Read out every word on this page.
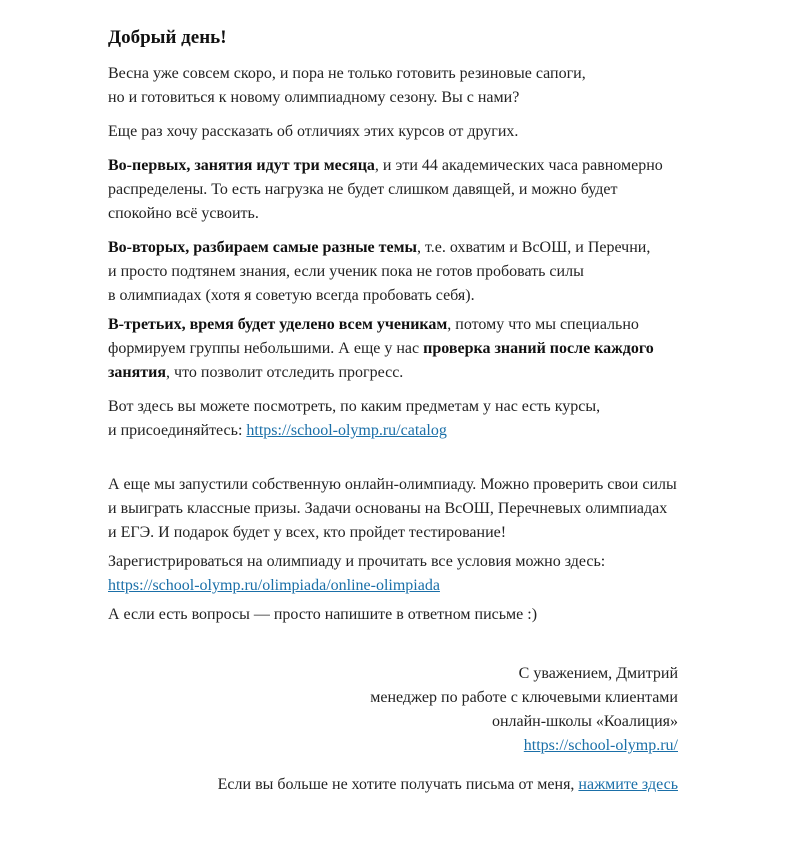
Добрый день!

Весна уже совсем скоро, и пора не только готовить резиновые сапоги,
но и готовиться к новому олимпиадному сезону. Вы с нами?

Еще раз хочу рассказать об отличиях этих курсов от других.

Во-первых, занятия идут три месяца, и эти 44 академических часа равномерно
распределены. То есть нагрузка не будет слишком давящей, и можно будет
спокойно всё усвоить.

Во-вторых, разбираем самые разные темы, т.е. охватим и ВсОШ, и Перечни,
и просто подтянем знания, если ученик пока не готов пробовать силы
в олимпиадах (хотя я советую всегда пробовать себя).

В-третьих, время будет уделено всем ученикам, потому что мы специально
формируем группы небольшими. А еще у нас проверка знаний после каждого
занятия, что позволит отследить прогресс.

Вот здесь вы можете посмотреть, по каким предметам у нас есть курсы,
и присоединяйтесь: https://school-olymp.ru/catalog

А еще мы запустили собственную онлайн-олимпиаду. Можно проверить свои силы
и выиграть классные призы. Задачи основаны на ВсОШ, Перечневых олимпиадах
и ЕГЭ. И подарок будет у всех, кто пройдет тестирование!

Зарегистрироваться на олимпиаду и прочитать все условия можно здесь:
https://school-olymp.ru/olimpiada/online-olimpiada

А если есть вопросы — просто напишите в ответном письме :)

С уважением, Дмитрий
менеджер по работе с ключевыми клиентами
онлайн-школы «Коалиция»
https://school-olymp.ru/

Если вы больше не хотите получать письма от меня, нажмите здесь
